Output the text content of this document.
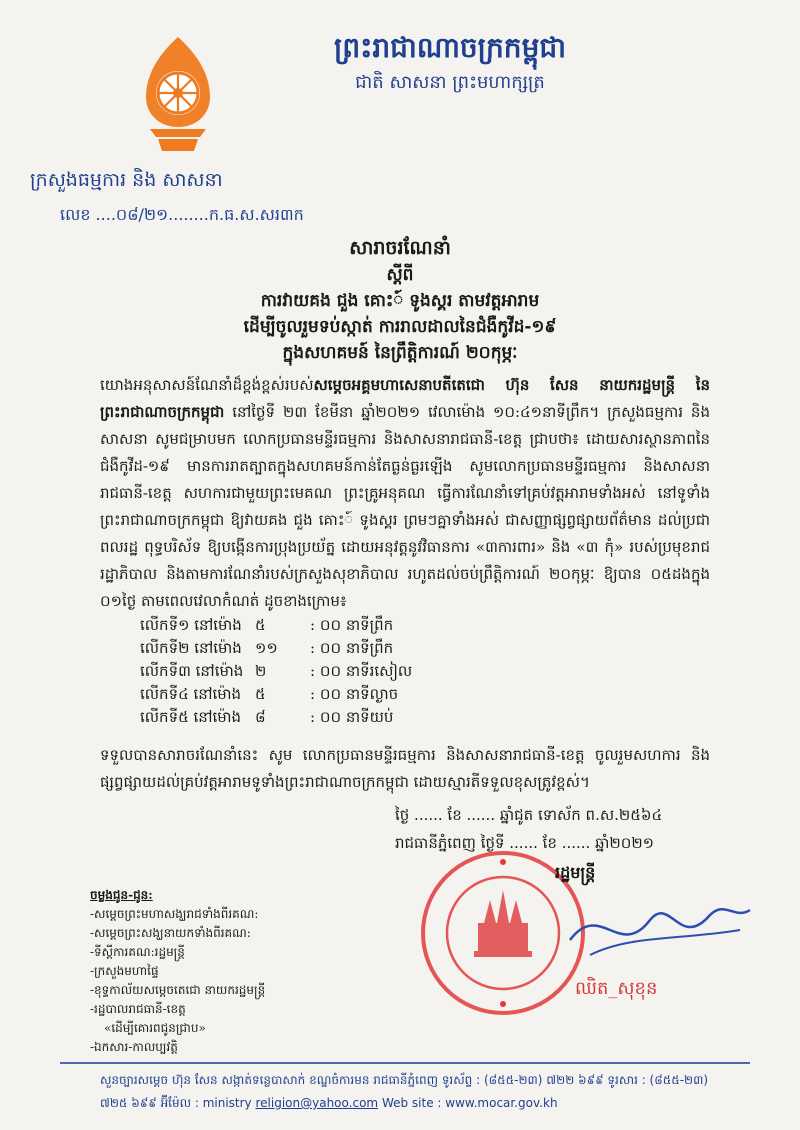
ព្រះរាជាណាចក្រកម្ពុជា
ជាតិ សាសនា ព្រះមហាក្សត្រ
ក្រសួងធម្មការ និង សាសនា
លេខ ....០៨/២១........ក.ធ.ស.សរ៣ក
សារាចរណែនាំ
ស្តីពី
ការវាយគង ជួង គោះ៍ ទូងស្គរ តាមវត្តអារាម
ដើម្បីចូលរួមទប់ស្កាត់ ការរាលដាលនៃជំងឺកូវីដ-១៩
ក្នុងសហគមន៍ នៃព្រឹត្តិការណ៍ ២០កុម្ភៈ
យោងអនុសាសន៍ណែនាំដ៏ខ្ពង់ខ្ពស់របស់សម្តេចអគ្គមហាសេនាបតីតេជោ ហ៊ុន សែន នាយករដ្ឋមន្ត្រី នៃព្រះរាជាណាចក្រកម្ពុជា នៅថ្ងៃទី ២៣ ខែមីនា ឆ្នាំ២០២១ វេលាម៉ោង ១០:៤១នាទីព្រឹក។ ក្រសួងធម្មការ និងសាសនា សូមជម្រាបមក លោកប្រធានមន្ទីរធម្មការ និងសាសនារាជធានី-ខេត្ត ជ្រាបថា៖ ដោយសារស្ថានភាពនៃជំងឺកូវីដ-១៩ មានការរាតត្បាតក្នុងសហគមន៍កាន់តែធ្ងន់ធ្ងរឡើង សូមលោកប្រធានមន្ទីរធម្មការ និងសាសនារាជធានី-ខេត្ត សហការជាមួយព្រះមេគណ ព្រះគ្រូអនុគណ ធ្វើការណែនាំទៅគ្រប់វត្តអារាមទាំងអស់ នៅទូទាំងព្រះរាជាណាចក្រកម្ពុជា ឱ្យវាយគង ជួង គោះ៍ ទូងស្គរ ព្រមៗគ្នាទាំងអស់ ជាសញ្ញាផ្សព្វផ្សាយព័ត៌មាន ដល់ប្រជាពលរដ្ឋ ពុទ្ធបរិស័ទ ឱ្យបង្កើនការប្រុងប្រយ័ត្ន ដោយអនុវត្តនូវវិធានការ «៣ការពារ» និង «៣ កុំ» របស់ប្រមុខរាជរដ្ឋាភិបាល និងតាមការណែនាំរបស់ក្រសួងសុខាភិបាល រហូតដល់ចប់ព្រឹត្តិការណ៍ ២០កុម្ភៈ ឱ្យបាន ០៥ដងក្នុង ០១ថ្ងៃ តាមពេលវេលាកំណត់ ដូចខាងក្រោម៖
លើកទី១ នៅម៉ោង ៥	: ០០ នាទីព្រឹក
លើកទី២ នៅម៉ោង ១១	: ០០ នាទីព្រឹក
លើកទី៣ នៅម៉ោង ២	: ០០ នាទីរសៀល
លើកទី៤ នៅម៉ោង ៥	: ០០ នាទីល្ងាច
លើកទី៥ នៅម៉ោង ៨	: ០០ នាទីយប់
ទទួលបានសារាចរណែនាំនេះ សូម លោកប្រធានមន្ទីរធម្មការ និងសាសនារាជធានី-ខេត្ត ចូលរួមសហការ និងផ្សព្វផ្សាយដល់គ្រប់វត្តអារាមទូទាំងព្រះរាជាណាចក្រកម្ពុជា ដោយស្មារតីទទួលខុសត្រូវខ្ពស់។
ថ្ងៃ ...... ខែ ...... ឆ្នាំជូត ទោស័ក ព.ស.២៥៦៤
រាជធានីភ្នំពេញ ថ្ងៃទី ...... ខែ ...... ឆ្នាំ២០២១
រដ្ឋមន្ត្រី
ឈិត_សុខុន
ចម្លងជូន-ជូន:
-សម្តេចព្រះមហាសង្ឃរាជទាំងពីរគណ:
-សម្តេចព្រះសង្ឃនាយកទាំងពីរគណ:
-ទីស្តីការគណ:រដ្ឋមន្ត្រី
-ក្រសួងមហាផ្ទៃ
-ខុទ្ទកាល័យសម្តេចតេជោ នាយករដ្ឋមន្ត្រី
-រដ្ឋបាលរាជធានី-ខេត្ត
«ដើម្បីគោរពជូនជ្រាប»
-ឯកសារ-កាលប្បវត្តិ
សួនច្បារសម្តេច ហ៊ុន សែន សង្កាត់ទន្លេបាសាក់ ខណ្ឌចំការមន រាជធានីភ្នំពេញ ទូរស័ព្ទ : (៨៥៥-២៣) ៧២២ ៦៩៩ ទូរសារ : (៨៥៥-២៣)
៧២៥ ៦៩៩ អ៊ីម៉ែល : ministry religion@yahoo.com Web site : www.mocar.gov.kh
